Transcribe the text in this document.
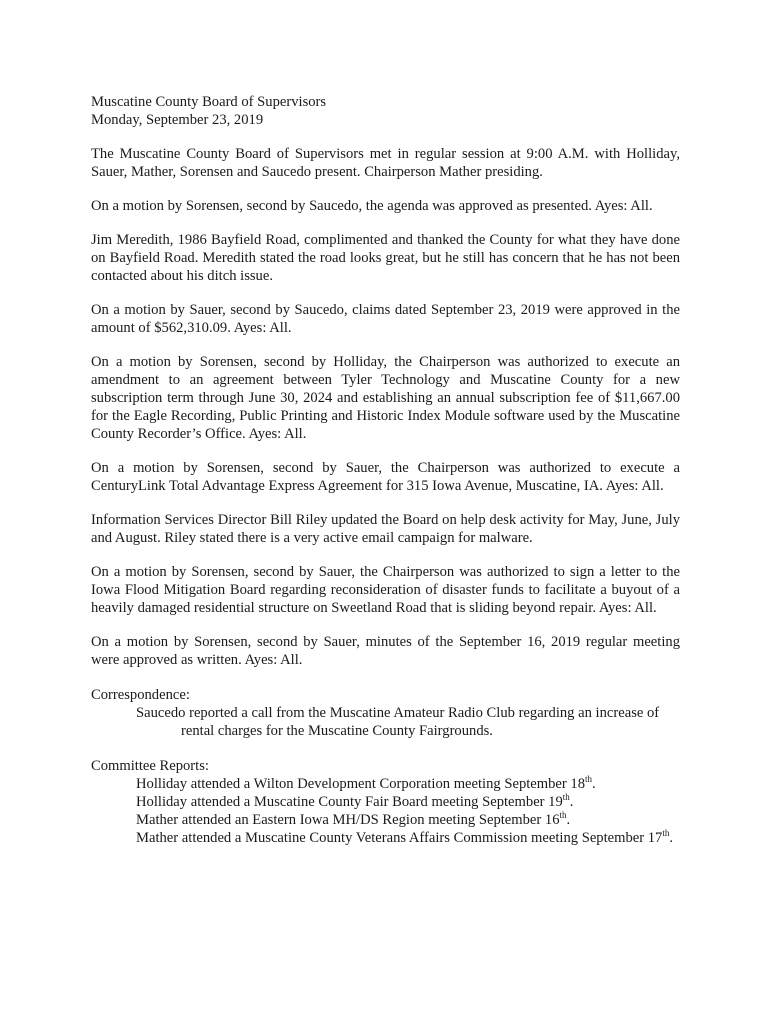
Muscatine County Board of Supervisors

Monday, September 23, 2019

The Muscatine County Board of Supervisors met in regular session at 9:00 A.M. with Holliday, Sauer, Mather, Sorensen and Saucedo present. Chairperson Mather presiding.

On a motion by Sorensen, second by Saucedo, the agenda was approved as presented. Ayes: All.

Jim Meredith, 1986 Bayfield Road, complimented and thanked the County for what they have done on Bayfield Road. Meredith stated the road looks great, but he still has concern that he has not been contacted about his ditch issue.

On a motion by Sauer, second by Saucedo, claims dated September 23, 2019 were approved in the amount of $562,310.09. Ayes: All.

On a motion by Sorensen, second by Holliday, the Chairperson was authorized to execute an amendment to an agreement between Tyler Technology and Muscatine County for a new subscription term through June 30, 2024 and establishing an annual subscription fee of $11,667.00 for the Eagle Recording, Public Printing and Historic Index Module software used by the Muscatine County Recorder’s Office. Ayes: All.

On a motion by Sorensen, second by Sauer, the Chairperson was authorized to execute a CenturyLink Total Advantage Express Agreement for 315 Iowa Avenue, Muscatine, IA. Ayes: All.

Information Services Director Bill Riley updated the Board on help desk activity for May, June, July and August. Riley stated there is a very active email campaign for malware.

On a motion by Sorensen, second by Sauer, the Chairperson was authorized to sign a letter to the Iowa Flood Mitigation Board regarding reconsideration of disaster funds to facilitate a buyout of a heavily damaged residential structure on Sweetland Road that is sliding beyond repair. Ayes: All.

On a motion by Sorensen, second by Sauer, minutes of the September 16, 2019 regular meeting were approved as written. Ayes: All.

Correspondence:

Saucedo reported a call from the Muscatine Amateur Radio Club regarding an increase of rental charges for the Muscatine County Fairgrounds.

Committee Reports:

Holliday attended a Wilton Development Corporation meeting September 18th.

Holliday attended a Muscatine County Fair Board meeting September 19th.

Mather attended an Eastern Iowa MH/DS Region meeting September 16th.

Mather attended a Muscatine County Veterans Affairs Commission meeting September 17th.
